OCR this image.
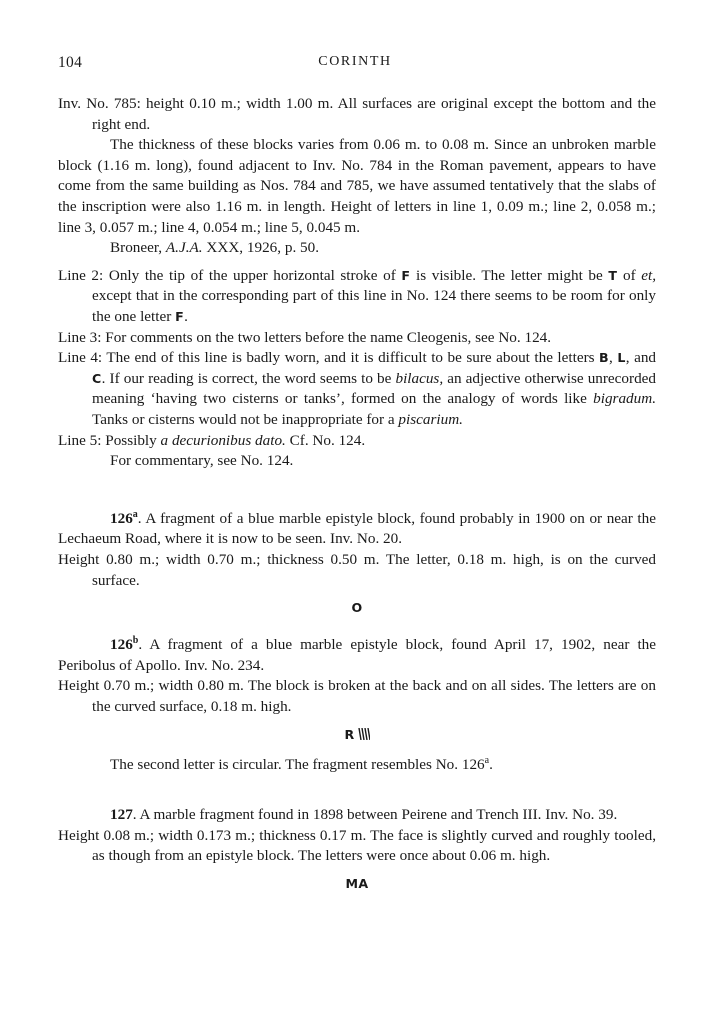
104	CORINTH

Inv. No. 785: height 0.10 m.; width 1.00 m. All surfaces are original except the bottom and the right end.

The thickness of these blocks varies from 0.06 m. to 0.08 m. Since an unbroken marble block (1.16 m. long), found adjacent to Inv. No. 784 in the Roman pavement, appears to have come from the same building as Nos. 784 and 785, we have assumed tentatively that the slabs of the inscription were also 1.16 m. in length. Height of letters in line 1, 0.09 m.; line 2, 0.058 m.; line 3, 0.057 m.; line 4, 0.054 m.; line 5, 0.045 m.

Broneer, A.J.A. XXX, 1926, p. 50.

Line 2: Only the tip of the upper horizontal stroke of F is visible. The letter might be T of et, except that in the corresponding part of this line in No. 124 there seems to be room for only the one letter F.

Line 3: For comments on the two letters before the name Cleogenis, see No. 124.

Line 4: The end of this line is badly worn, and it is difficult to be sure about the letters B, L, and C. If our reading is correct, the word seems to be bilacus, an adjective otherwise unrecorded meaning ‘having two cisterns or tanks’, formed on the analogy of words like bigradum. Tanks or cisterns would not be inappropriate for a piscarium.

Line 5: Possibly a decurionibus dato. Cf. No. 124.

For commentary, see No. 124.

126$^a$. A fragment of a blue marble epistyle block, found probably in 1900 on or near the Lechaeum Road, where it is now to be seen. Inv. No. 20.

Height 0.80 m.; width 0.70 m.; thickness 0.50 m. The letter, 0.18 m. high, is on the curved surface.

O

126$^b$. A fragment of a blue marble epistyle block, found April 17, 1902, near the Peribolus of Apollo. Inv. No. 234.

Height 0.70 m.; width 0.80 m. The block is broken at the back and on all sides. The letters are on the curved surface, 0.18 m. high.

R

The second letter is circular. The fragment resembles No. 126$^a$.

127. A marble fragment found in 1898 between Peirene and Trench III. Inv. No. 39.

Height 0.08 m.; width 0.173 m.; thickness 0.17 m. The face is slightly curved and roughly tooled, as though from an epistyle block. The letters were once about 0.06 m. high.

MA
